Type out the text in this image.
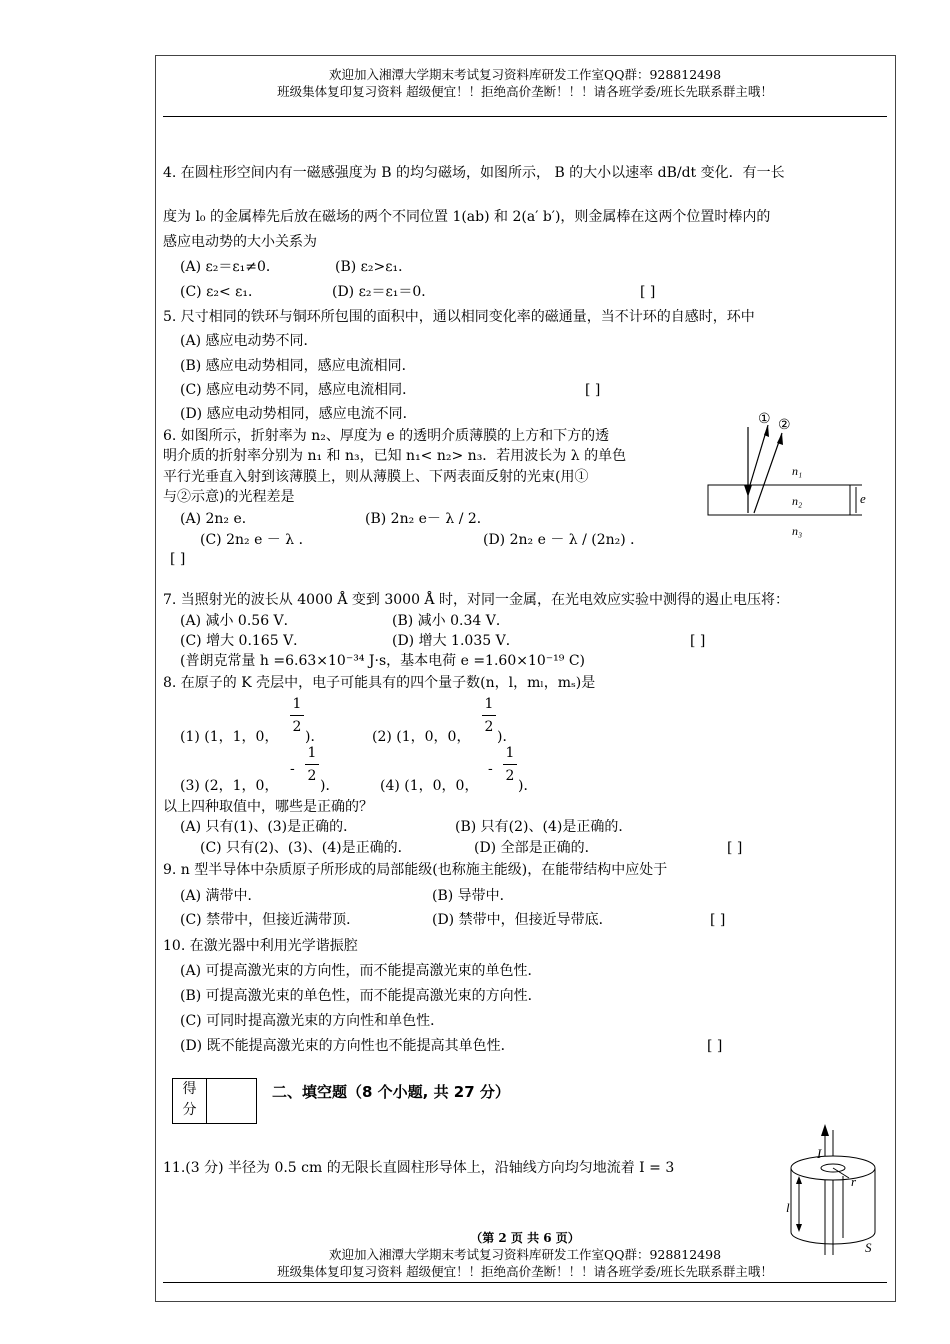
欢迎加入湘潭大学期末考试复习资料库研发工作室QQ群：928812498
班级集体复印复习资料 超级便宜！！拒绝高价垄断！！！请各班学委/班长先联系群主哦！
4. 在圆柱形空间内有一磁感强度为 B 的均匀磁场，如图所示， B 的大小以速率 dB/dt 变化．有一长
度为 l₀ 的金属棒先后放在磁场的两个不同位置 1(ab) 和 2(a′ b′)，则金属棒在这两个位置时棒内的
感应电动势的大小关系为
(A) ε₂＝ε₁≠0．	(B) ε₂>ε₁．
(C) ε₂< ε₁．	(D) ε₂＝ε₁＝0．	[ ]
5. 尺寸相同的铁环与铜环所包围的面积中，通以相同变化率的磁通量，当不计环的自感时，环中
(A) 感应电动势不同．
(B) 感应电动势相同，感应电流相同．
(C) 感应电动势不同，感应电流相同．	[ ]
(D) 感应电动势相同，感应电流不同．
6. 如图所示，折射率为 n₂、厚度为 e 的透明介质薄膜的上方和下方的透
明介质的折射率分别为 n₁ 和 n₃，已知 n₁< n₂> n₃．若用波长为 λ 的单色
平行光垂直入射到该薄膜上，则从薄膜上、下两表面反射的光束(用①
与②示意)的光程差是
(A) 2n₂ e．	(B) 2n₂ e－ λ / 2．
(C) 2n₂ e － λ ．	(D) 2n₂ e － λ / (2n₂) ．
[ ]
① ②
n₁
n₂
n₃
e
7. 当照射光的波长从 4000 Å 变到 3000 Å 时，对同一金属，在光电效应实验中测得的遏止电压将：
(A) 减小 0.56 V．	(B) 减小 0.34 V．
(C) 增大 0.165 V．	(D) 增大 1.035 V．	[ ]
(普朗克常量 h =6.63×10⁻³⁴ J·s，基本电荷 e =1.60×10⁻¹⁹ C)
8. 在原子的 K 壳层中，电子可能具有的四个量子数(n，l，mₗ，mₛ)是
(1) (1，1，0，
1
2
)．	(2) (1，0，0，
1
2
)．
(3) (2，1，0，
-
1
2
)．	(4) (1，0，0，
-
1
2
)．
以上四种取值中，哪些是正确的？
(A) 只有(1)、(3)是正确的．	(B) 只有(2)、(4)是正确的．
(C) 只有(2)、(3)、(4)是正确的．	(D) 全部是正确的．	[ ]
9. n 型半导体中杂质原子所形成的局部能级(也称施主能级)，在能带结构中应处于
(A) 满带中．	(B) 导带中．
(C) 禁带中，但接近满带顶．	(D) 禁带中，但接近导带底．	[ ]
10. 在激光器中利用光学谐振腔
(A) 可提高激光束的方向性，而不能提高激光束的单色性．
(B) 可提高激光束的单色性，而不能提高激光束的方向性．
(C) 可同时提高激光束的方向性和单色性．
(D) 既不能提高激光束的方向性也不能提高其单色性．	[ ]
得
分
二、填空题（8 个小题, 共 27 分）
11.(3 分) 半径为 0.5 cm 的无限长直圆柱形导体上，沿轴线方向均匀地流着 I = 3
I
r
l
S
（第 2 页 共 6 页）
欢迎加入湘潭大学期末考试复习资料库研发工作室QQ群：928812498
班级集体复印复习资料 超级便宜！！拒绝高价垄断！！！请各班学委/班长先联系群主哦！
